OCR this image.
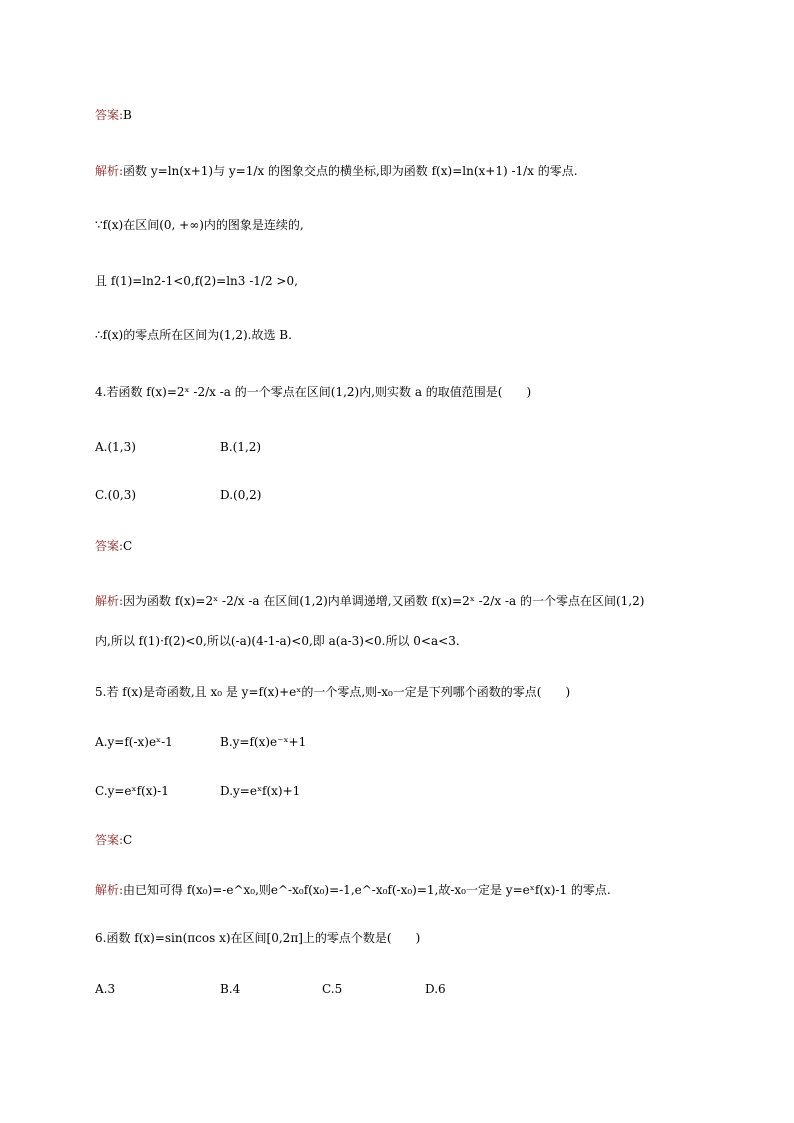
答案:B
解析:函数 y=ln(x+1)与 y=1/x 的图象交点的横坐标,即为函数 f(x)=ln(x+1) -1/x 的零点.
∵f(x)在区间(0, +∞)内的图象是连续的,
且 f(1)=ln2-1<0,f(2)=ln3 -1/2 >0,
∴f(x)的零点所在区间为(1,2).故选 B.
4.若函数 f(x)=2ˣ -2/x -a 的一个零点在区间(1,2)内,则实数 a 的取值范围是(　　)
A.(1,3)	B.(1,2)
C.(0,3)	D.(0,2)
答案:C
解析:因为函数 f(x)=2ˣ -2/x -a 在区间(1,2)内单调递增,又函数 f(x)=2ˣ -2/x -a 的一个零点在区间(1,2)
内,所以 f(1)·f(2)<0,所以(-a)(4-1-a)<0,即 a(a-3)<0.所以 0<a<3.
5.若 f(x)是奇函数,且 x₀ 是 y=f(x)+eˣ的一个零点,则-x₀一定是下列哪个函数的零点(　　)
A.y=f(-x)eˣ-1	B.y=f(x)e⁻ˣ+1
C.y=eˣf(x)-1	D.y=eˣf(x)+1
答案:C
解析:由已知可得 f(x₀)=-e^x₀,则e^-x₀f(x₀)=-1,e^-x₀f(-x₀)=1,故-x₀一定是 y=eˣf(x)-1 的零点.
6.函数 f(x)=sin(πcos x)在区间[0,2π]上的零点个数是(　　)
A.3	B.4	C.5	D.6
